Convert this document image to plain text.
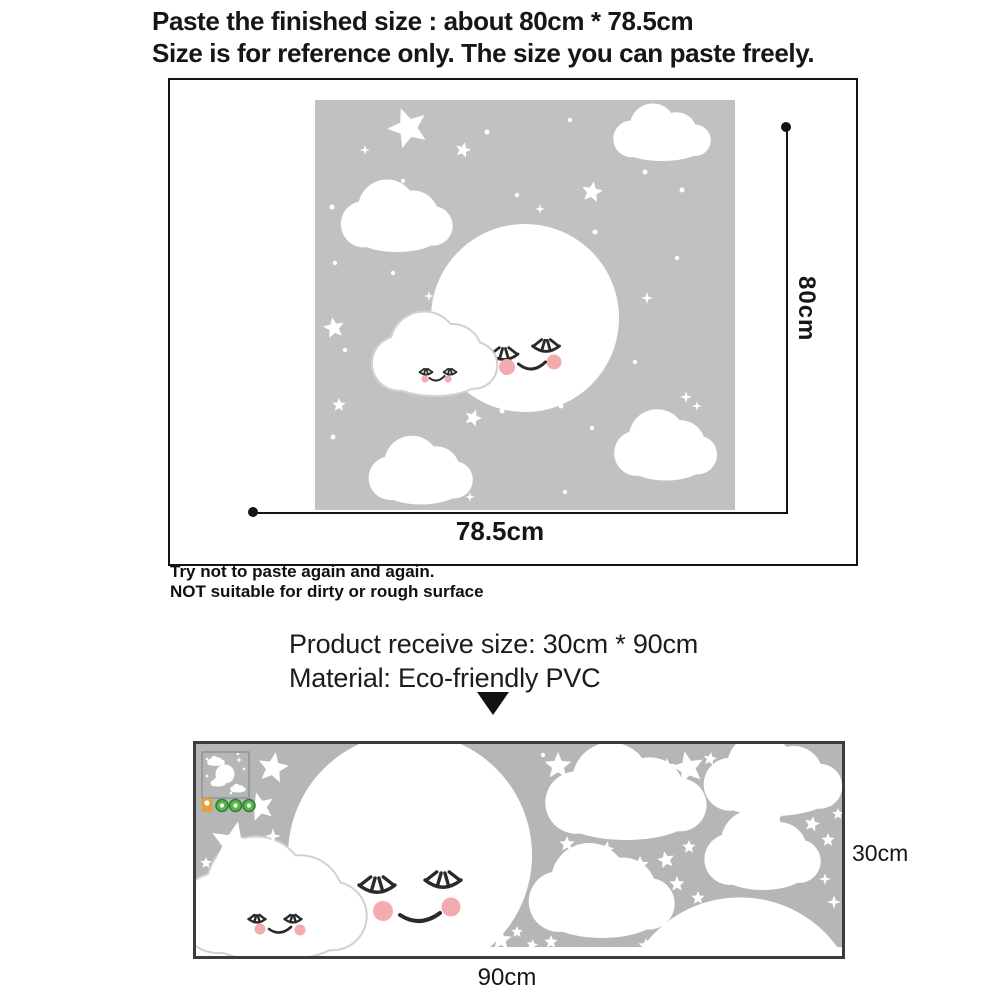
Paste the finished size : about 80cm * 78.5cm
Size is for reference only. The size you can paste freely.
80cm
78.5cm
Try not to paste again and again.
NOT suitable for dirty or rough surface
Product receive size: 30cm * 90cm
Material: Eco-friendly PVC
30cm
90cm
